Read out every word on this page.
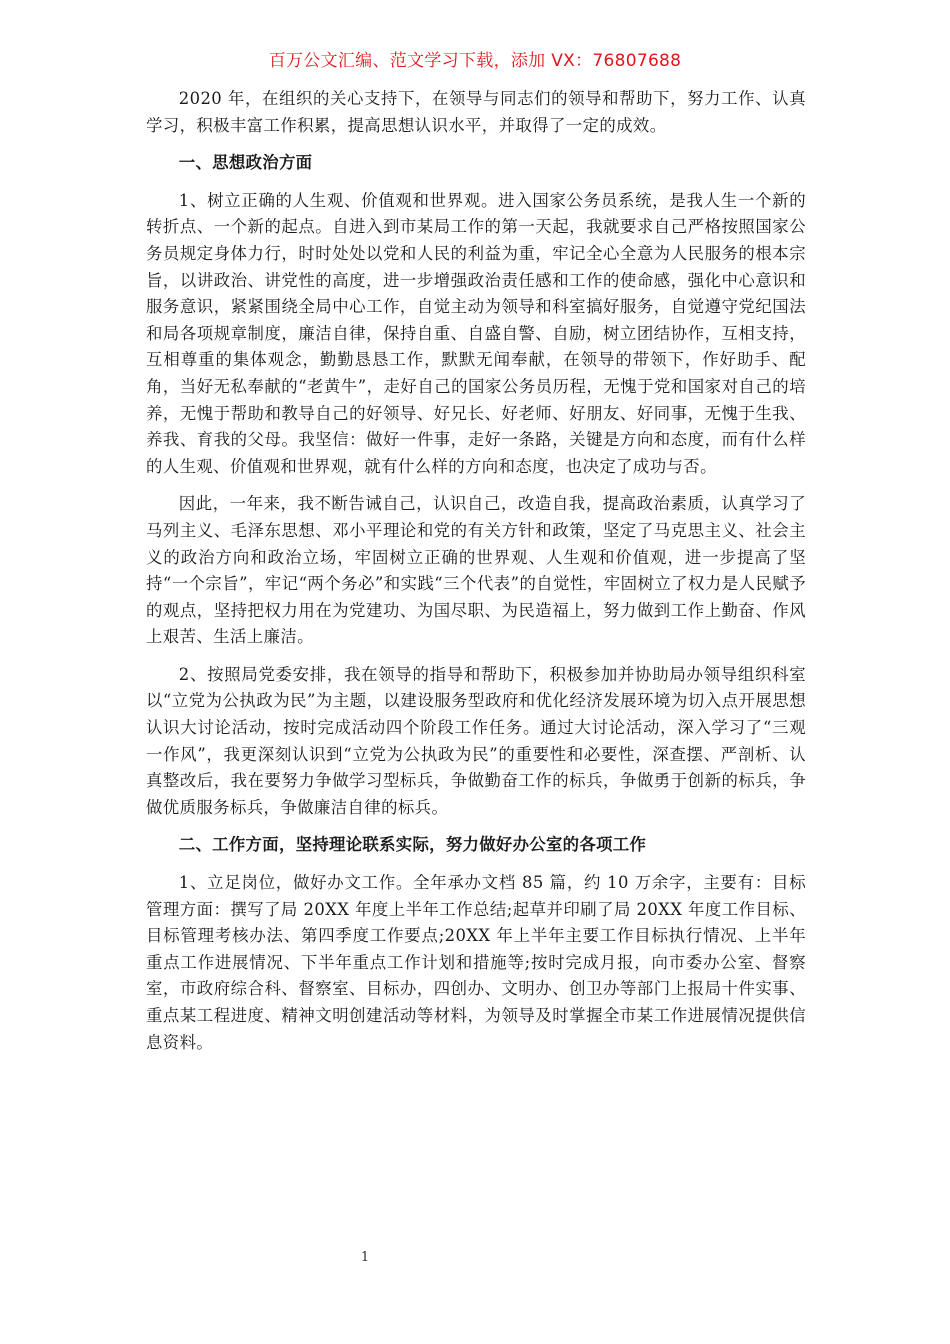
百万公文汇编、范文学习下载，添加 VX：76807688

2020 年，在组织的关心支持下，在领导与同志们的领导和帮助下，努力工作、认真学习，积极丰富工作积累，提高思想认识水平，并取得了一定的成效。

一、思想政治方面

1、树立正确的人生观、价值观和世界观。进入国家公务员系统，是我人生一个新的转折点、一个新的起点。自进入到市某局工作的第一天起，我就要求自己严格按照国家公务员规定身体力行，时时处处以党和人民的利益为重，牢记全心全意为人民服务的根本宗旨，以讲政治、讲党性的高度，进一步增强政治责任感和工作的使命感，强化中心意识和服务意识，紧紧围绕全局中心工作，自觉主动为领导和科室搞好服务，自觉遵守党纪国法和局各项规章制度，廉洁自律，保持自重、自盛自警、自励，树立团结协作，互相支持，互相尊重的集体观念，勤勤恳恳工作，默默无闻奉献，在领导的带领下，作好助手、配角，当好无私奉献的“老黄牛”，走好自己的国家公务员历程，无愧于党和国家对自己的培养，无愧于帮助和教导自己的好领导、好兄长、好老师、好朋友、好同事，无愧于生我、养我、育我的父母。我坚信：做好一件事，走好一条路，关键是方向和态度，而有什么样的人生观、价值观和世界观，就有什么样的方向和态度，也决定了成功与否。

因此，一年来，我不断告诫自己，认识自己，改造自我，提高政治素质，认真学习了马列主义、毛泽东思想、邓小平理论和党的有关方针和政策，坚定了马克思主义、社会主义的政治方向和政治立场，牢固树立正确的世界观、人生观和价值观，进一步提高了坚持“一个宗旨”，牢记“两个务必”和实践“三个代表”的自觉性，牢固树立了权力是人民赋予的观点，坚持把权力用在为党建功、为国尽职、为民造福上，努力做到工作上勤奋、作风上艰苦、生活上廉洁。

2、按照局党委安排，我在领导的指导和帮助下，积极参加并协助局办领导组织科室以“立党为公执政为民”为主题，以建设服务型政府和优化经济发展环境为切入点开展思想认识大讨论活动，按时完成活动四个阶段工作任务。通过大讨论活动，深入学习了“三观一作风”，我更深刻认识到“立党为公执政为民”的重要性和必要性，深查摆、严剖析、认真整改后，我在要努力争做学习型标兵，争做勤奋工作的标兵，争做勇于创新的标兵，争做优质服务标兵，争做廉洁自律的标兵。

二、工作方面，坚持理论联系实际，努力做好办公室的各项工作

1、立足岗位，做好办文工作。全年承办文档 85 篇，约 10 万余字，主要有：目标管理方面：撰写了局 20XX 年度上半年工作总结;起草并印刷了局 20XX 年度工作目标、目标管理考核办法、第四季度工作要点;20XX 年上半年主要工作目标执行情况、上半年重点工作进展情况、下半年重点工作计划和措施等;按时完成月报，向市委办公室、督察室，市政府综合科、督察室、目标办，四创办、文明办、创卫办等部门上报局十件实事、重点某工程进度、精神文明创建活动等材料，为领导及时掌握全市某工作进展情况提供信息资料。

1
